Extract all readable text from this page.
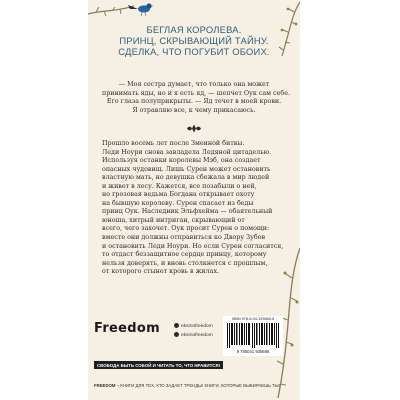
БЕГЛАЯ КОРОЛЕВА.
ПРИНЦ, СКРЫВАЮЩИЙ ТАЙНУ.
СДЕЛКА, ЧТО ПОГУБИТ ОБОИХ.
— Моя сестра думает, что только она может
принимать яды, но и я есть яд, — шепчет Оук сам себе.
Его глаза полуприкрыты. — Яд течет в моей крови.
Я отравляю все, к чему прикасаюсь.
Прошло восемь лет после Змеиной битвы.
Леди Ноури снова завладела Ледяной цитаделью.
Используя останки королевы Мэб, она создает
опасных чудовищ. Лишь Сурен может остановить
властную мать, но девушка сбежала в мир людей
и живет в лесу. Кажется, все позабыли о ней,
но грозовая ведьма Богдана открывает охоту
на бывшую королеву. Сурен спасает из беды
принц Оук. Наследник Эльфхейма — обаятельный
юноша, хитрый интриган, скрывающий от
всего, чего захочет. Оук просит Сурен о помощи:
вместе они должны отправиться ко Двору Зубов
и остановить Леди Ноури. Но если Сурен согласится,
то отдаст беззащитное сердце принцу, которому
нельзя доверять, и вновь столкнется с прошлым,
от которого стынет кровь в жилах.
Freedom	eksmofreedom
eksmofreedom
ISBN 978-5-04-193569-6
9 785041 935696
СВОБОДА БЫТЬ СОБОЙ И ЧИТАТЬ ТО, ЧТО НРАВИТСЯ!
FREEDOM – КНИГИ ДЛЯ ТЕХ, КТО ЗАДАЕТ ТРЕНДЫ! КНИГИ, КОТОРЫЕ ВЫБИРАЕШЬ ТЫ!
